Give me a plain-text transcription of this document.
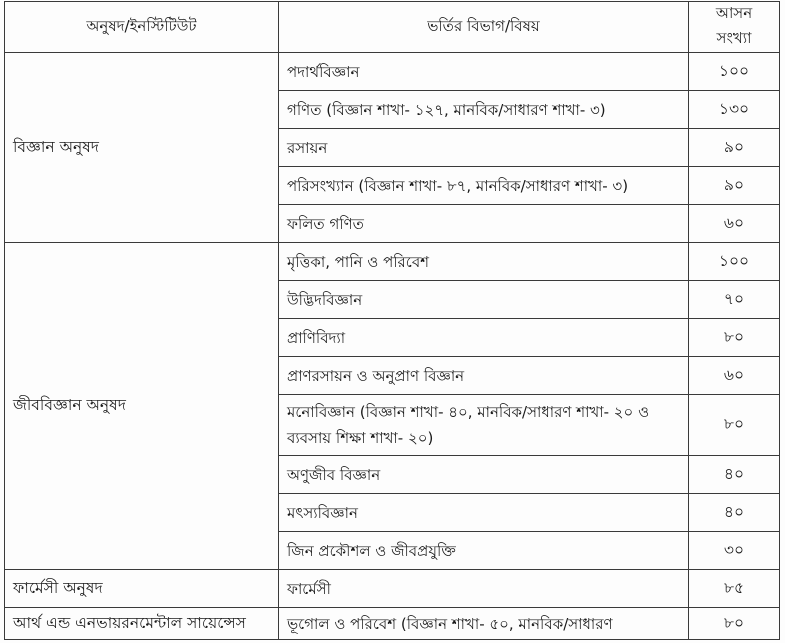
অনুষদ/ইনস্টিটিউট	ভর্তির বিভাগ/বিষয়	আসন সংখ্যা
বিজ্ঞান অনুষদ	পদার্থবিজ্ঞান	১০০
	গণিত (বিজ্ঞান শাখা- ১২৭, মানবিক/সাধারণ শাখা- ৩)	১৩০
	রসায়ন	৯০
	পরিসংখ্যান (বিজ্ঞান শাখা- ৮৭, মানবিক/সাধারণ শাখা- ৩)	৯০
	ফলিত গণিত	৬০
জীববিজ্ঞান অনুষদ	মৃত্তিকা, পানি ও পরিবেশ	১০০
	উদ্ভিদবিজ্ঞান	৭০
	প্রাণিবিদ্যা	৮০
	প্রাণরসায়ন ও অনুপ্রাণ বিজ্ঞান	৬০
	মনোবিজ্ঞান (বিজ্ঞান শাখা- ৪০, মানবিক/সাধারণ শাখা- ২০ ও ব্যবসায় শিক্ষা শাখা- ২০)	৮০
	অণুজীব বিজ্ঞান	৪০
	মৎস্যবিজ্ঞান	৪০
	জিন প্রকৌশল ও জীবপ্রযুক্তি	৩০
ফার্মেসী অনুষদ	ফার্মেসী	৮৫
আর্থ এন্ড এনভায়রনমেন্টাল সায়েন্সেস	ভূগোল ও পরিবেশ (বিজ্ঞান শাখা- ৫০, মানবিক/সাধারণ	৮০
